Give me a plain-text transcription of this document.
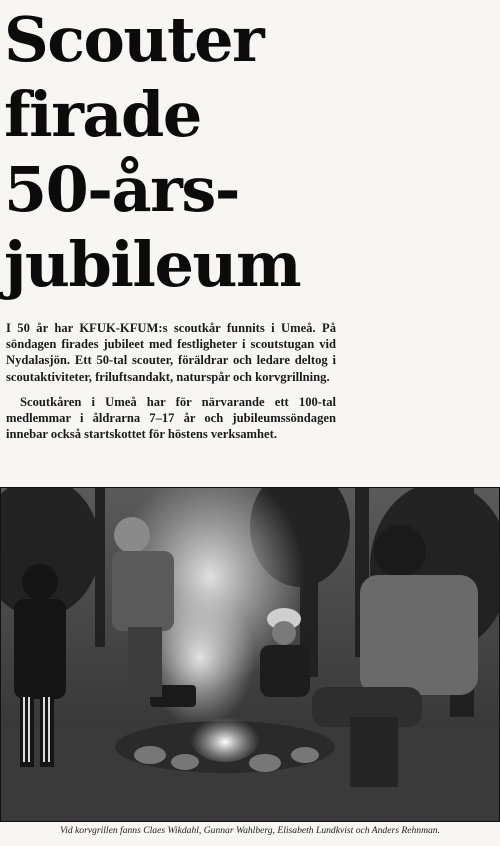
Scouter
firade
50-års-
jubileum

I 50 år har KFUK-KFUM:s scoutkår funnits i Umeå. På söndagen firades jubileet med festligheter i scoutstugan vid Nydalasjön. Ett 50-tal scouter, föräldrar och ledare deltog i scoutaktiviteter, friluftsandakt, naturspår och korvgrillning.

Scoutkåren i Umeå har för närvarande ett 100-tal medlemmar i åldrarna 7–17 år och jubileumssöndagen innebar också startskottet för höstens verksamhet.

Vid korvgrillen fanns Claes Wikdahl, Gunnar Wahlberg, Elisabeth Lundkvist och Anders Rehnman.
